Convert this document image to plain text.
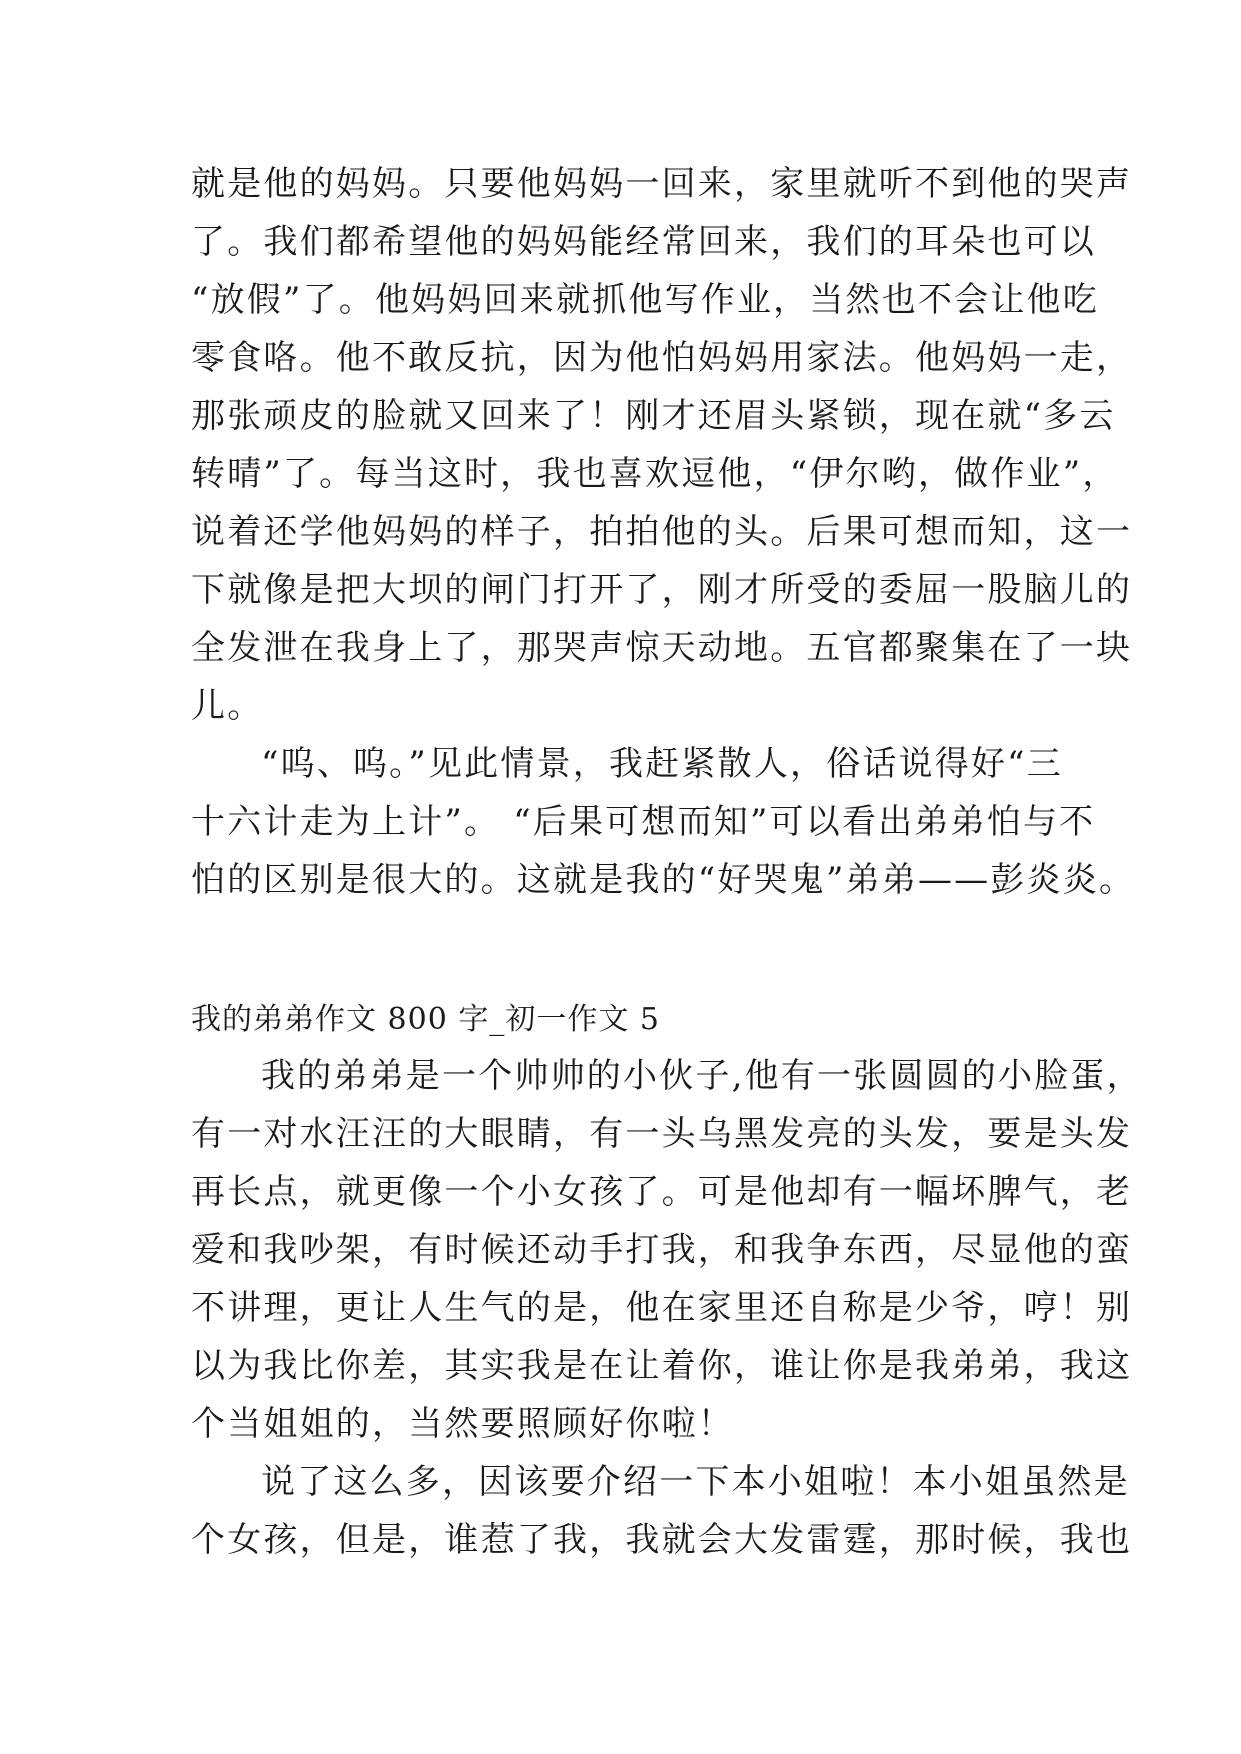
就是他的妈妈。只要他妈妈一回来，家里就听不到他的哭声
了。我们都希望他的妈妈能经常回来，我们的耳朵也可以
“放假”了。他妈妈回来就抓他写作业，当然也不会让他吃
零食咯。他不敢反抗，因为他怕妈妈用家法。他妈妈一走，
那张顽皮的脸就又回来了！刚才还眉头紧锁，现在就“多云
转晴”了。每当这时，我也喜欢逗他，“伊尔哟，做作业”，
说着还学他妈妈的样子，拍拍他的头。后果可想而知，这一
下就像是把大坝的闸门打开了，刚才所受的委屈一股脑儿的
全发泄在我身上了，那哭声惊天动地。五官都聚集在了一块
儿。
“呜、呜。”见此情景，我赶紧散人，俗话说得好“三
十六计走为上计”。 “后果可想而知”可以看出弟弟怕与不
怕的区别是很大的。这就是我的“好哭鬼”弟弟——彭炎炎。
我的弟弟作文 800 字_初一作文 5
我的弟弟是一个帅帅的小伙子,他有一张圆圆的小脸蛋，
有一对水汪汪的大眼睛，有一头乌黑发亮的头发，要是头发
再长点，就更像一个小女孩了。可是他却有一幅坏脾气，老
爱和我吵架，有时候还动手打我，和我争东西，尽显他的蛮
不讲理，更让人生气的是，他在家里还自称是少爷，哼！别
以为我比你差，其实我是在让着你，谁让你是我弟弟，我这
个当姐姐的，当然要照顾好你啦！
说了这么多，因该要介绍一下本小姐啦！本小姐虽然是
个女孩，但是，谁惹了我，我就会大发雷霆，那时候，我也
